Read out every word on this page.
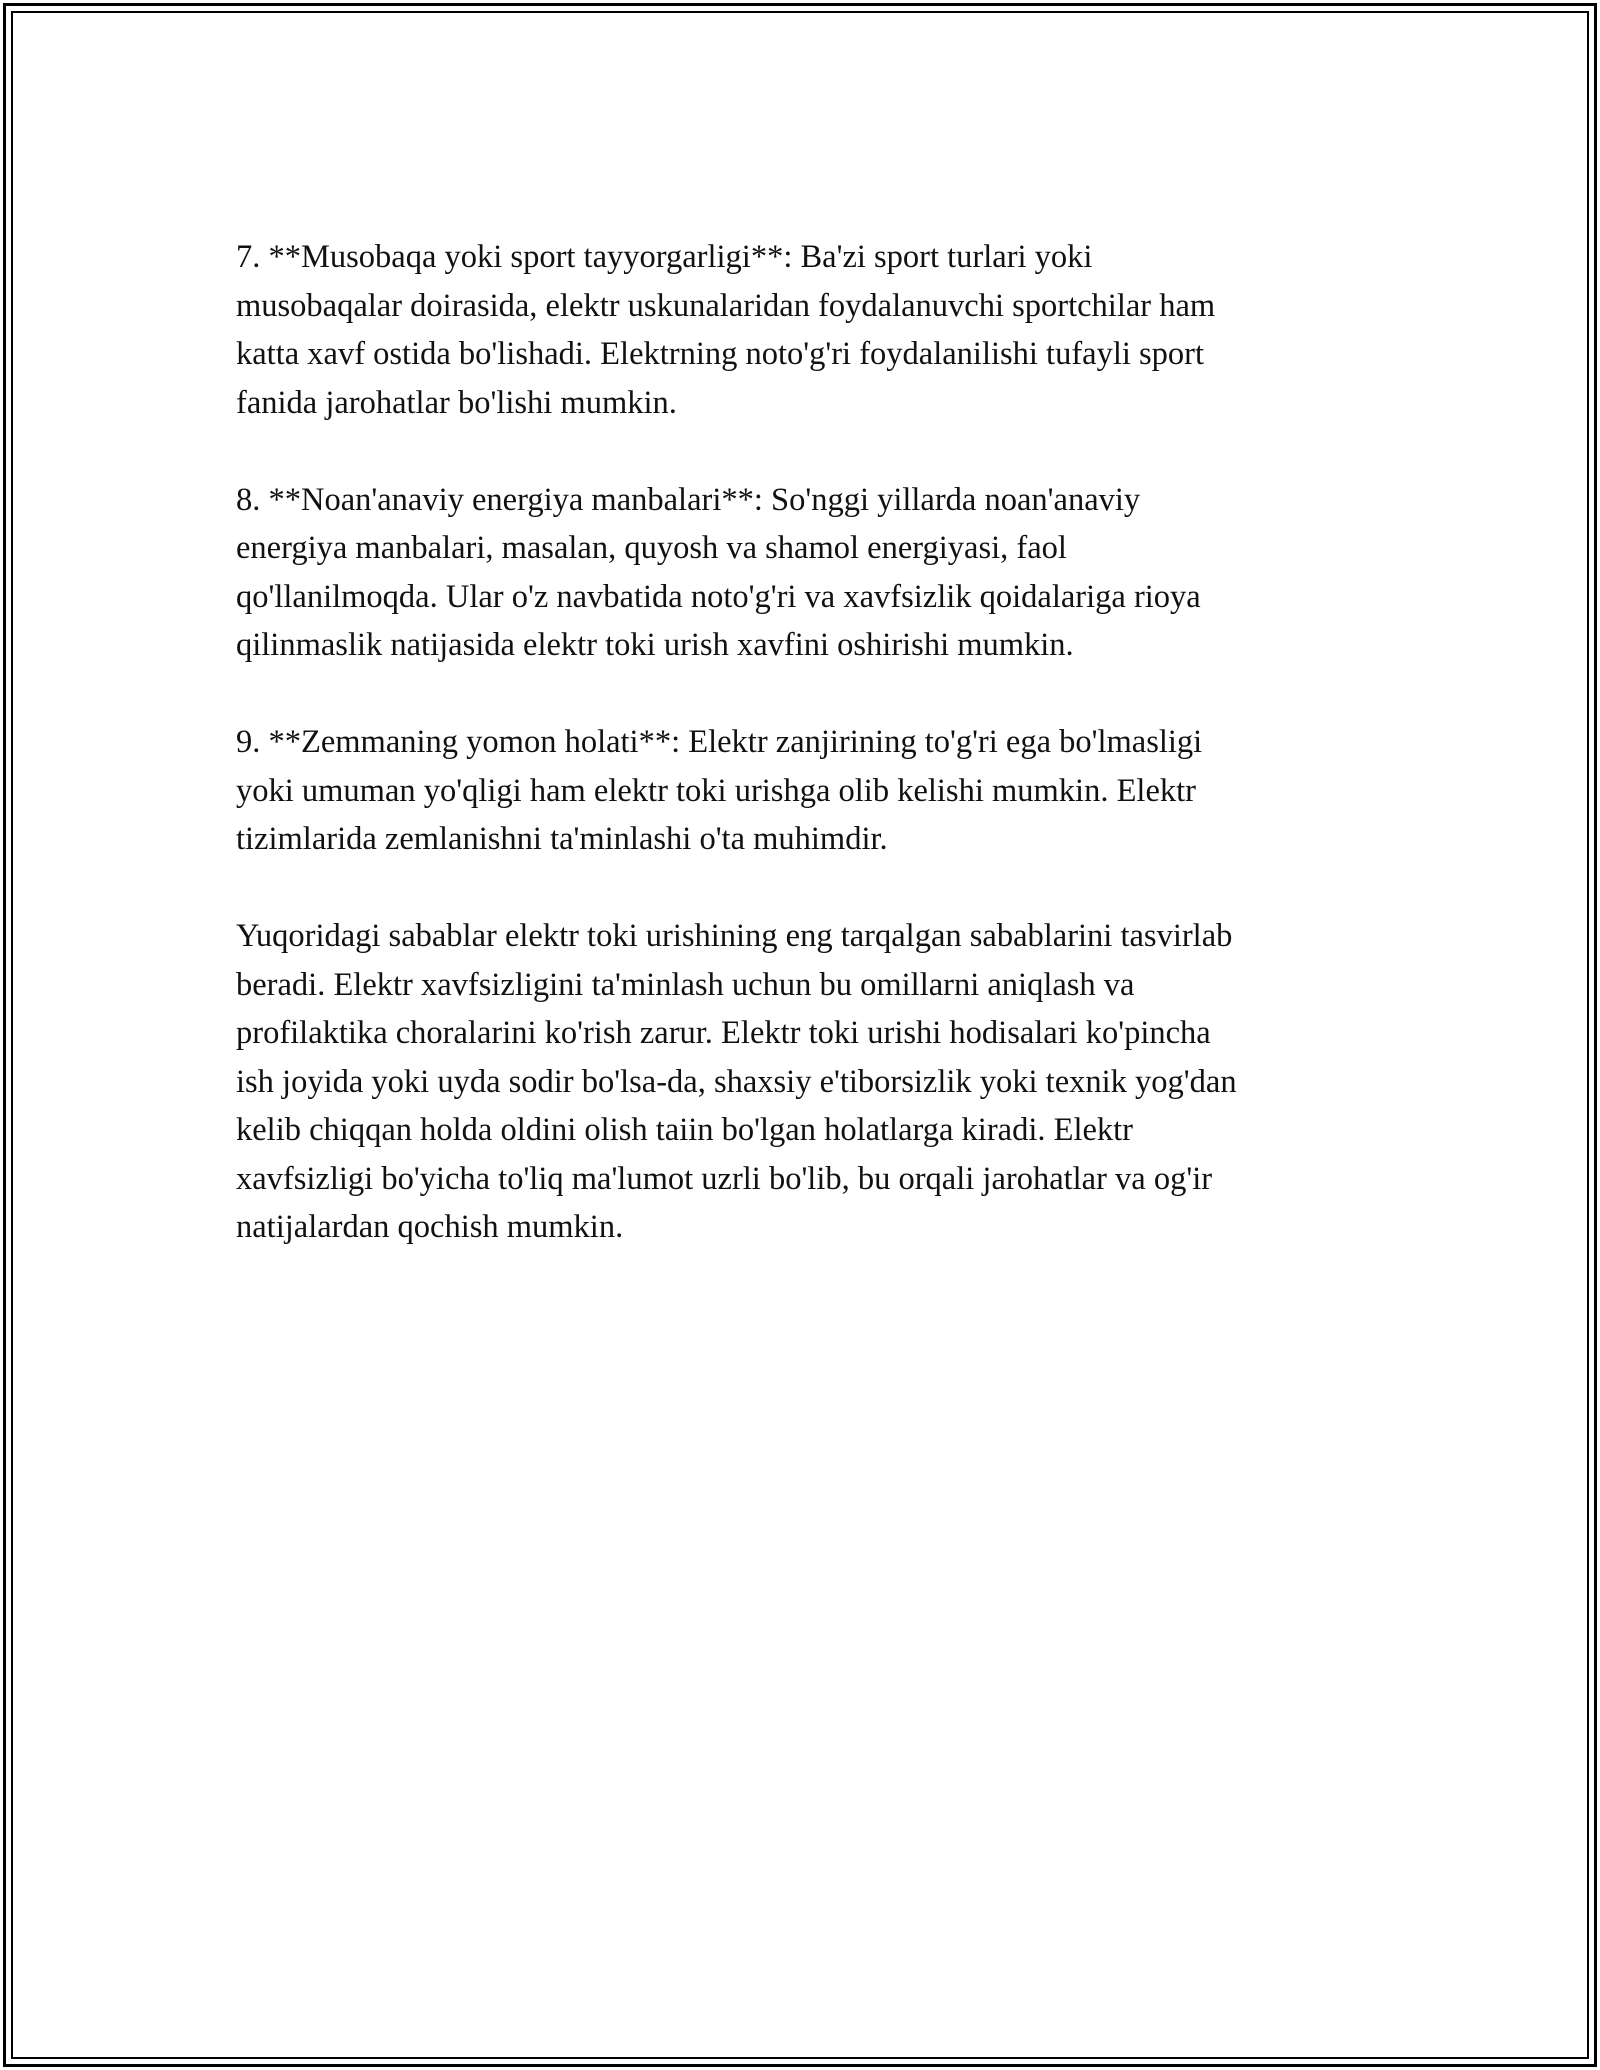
7. **Musobaqa yoki sport tayyorgarligi**: Ba'zi sport turlari yoki
musobaqalar doirasida, elektr uskunalaridan foydalanuvchi sportchilar ham
katta xavf ostida bo'lishadi. Elektrning noto'g'ri foydalanilishi tufayli sport
fanida jarohatlar bo'lishi mumkin.

8. **Noan'anaviy energiya manbalari**: So'nggi yillarda noan'anaviy
energiya manbalari, masalan, quyosh va shamol energiyasi, faol
qo'llanilmoqda. Ular o'z navbatida noto'g'ri va xavfsizlik qoidalariga rioya
qilinmaslik natijasida elektr toki urish xavfini oshirishi mumkin.

9. **Zemmaning yomon holati**: Elektr zanjirining to'g'ri ega bo'lmasligi
yoki umuman yo'qligi ham elektr toki urishga olib kelishi mumkin. Elektr
tizimlarida zemlanishni ta'minlashi o'ta muhimdir.

Yuqoridagi sabablar elektr toki urishining eng tarqalgan sabablarini tasvirlab
beradi. Elektr xavfsizligini ta'minlash uchun bu omillarni aniqlash va
profilaktika choralarini ko'rish zarur. Elektr toki urishi hodisalari ko'pincha
ish joyida yoki uyda sodir bo'lsa-da, shaxsiy e'tiborsizlik yoki texnik yog'dan
kelib chiqqan holda oldini olish taiin bo'lgan holatlarga kiradi. Elektr
xavfsizligi bo'yicha to'liq ma'lumot uzrli bo'lib, bu orqali jarohatlar va og'ir
natijalardan qochish mumkin.
